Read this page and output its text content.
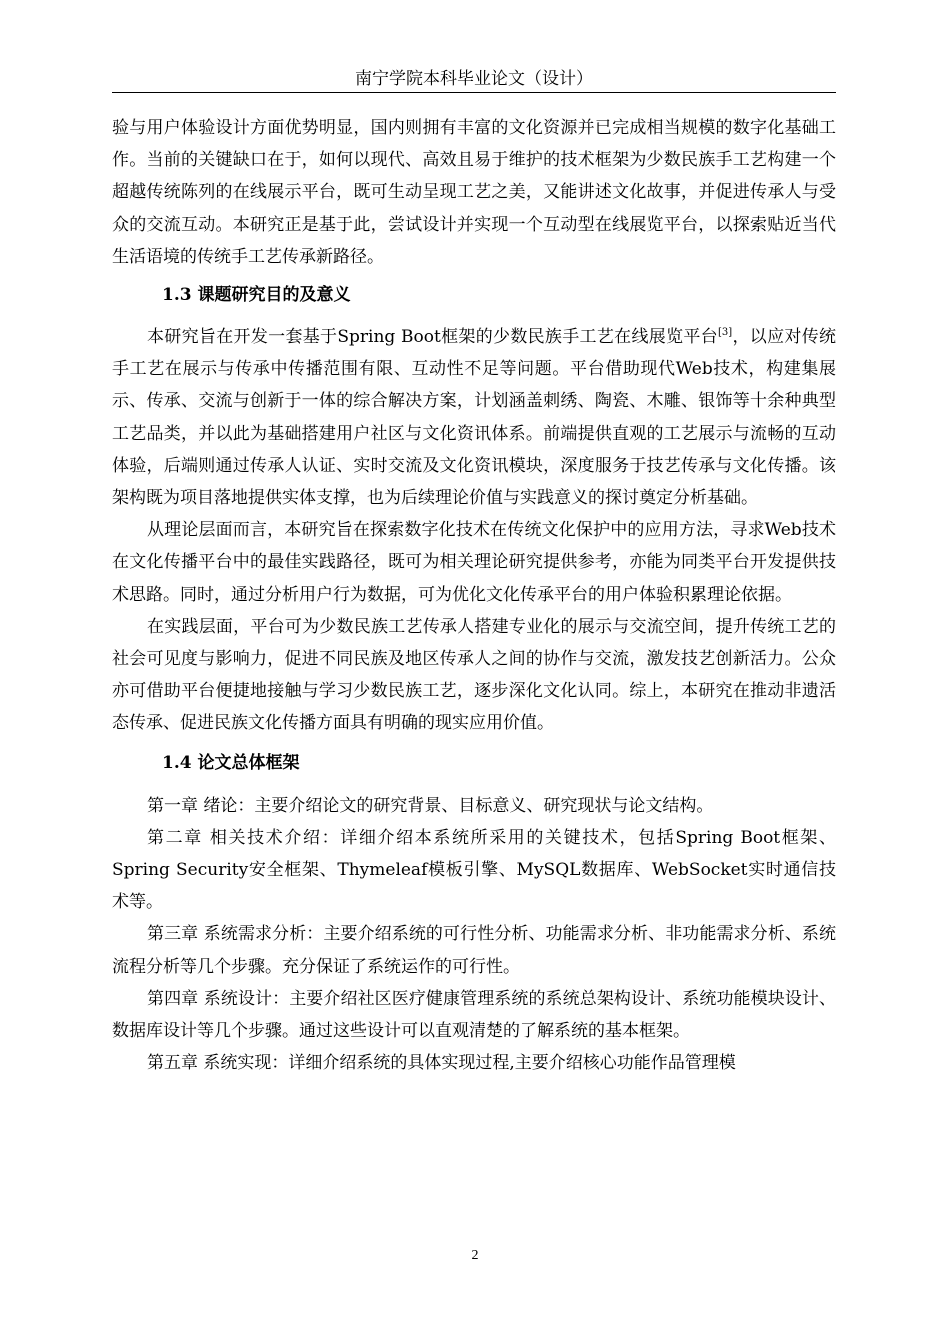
南宁学院本科毕业论文（设计）

验与用户体验设计方面优势明显，国内则拥有丰富的文化资源并已完成相当规模的数字化基础工作。当前的关键缺口在于，如何以现代、高效且易于维护的技术框架为少数民族手工艺构建一个超越传统陈列的在线展示平台，既可生动呈现工艺之美，又能讲述文化故事，并促进传承人与受众的交流互动。本研究正是基于此，尝试设计并实现一个互动型在线展览平台，以探索贴近当代生活语境的传统手工艺传承新路径。

1.3 课题研究目的及意义

本研究旨在开发一套基于Spring Boot框架的少数民族手工艺在线展览平台[3]，以应对传统手工艺在展示与传承中传播范围有限、互动性不足等问题。平台借助现代Web技术，构建集展示、传承、交流与创新于一体的综合解决方案，计划涵盖刺绣、陶瓷、木雕、银饰等十余种典型工艺品类，并以此为基础搭建用户社区与文化资讯体系。前端提供直观的工艺展示与流畅的互动体验，后端则通过传承人认证、实时交流及文化资讯模块，深度服务于技艺传承与文化传播。该架构既为项目落地提供实体支撑，也为后续理论价值与实践意义的探讨奠定分析基础。

从理论层面而言，本研究旨在探索数字化技术在传统文化保护中的应用方法，寻求Web技术在文化传播平台中的最佳实践路径，既可为相关理论研究提供参考，亦能为同类平台开发提供技术思路。同时，通过分析用户行为数据，可为优化文化传承平台的用户体验积累理论依据。

在实践层面，平台可为少数民族工艺传承人搭建专业化的展示与交流空间，提升传统工艺的社会可见度与影响力，促进不同民族及地区传承人之间的协作与交流，激发技艺创新活力。公众亦可借助平台便捷地接触与学习少数民族工艺，逐步深化文化认同。综上，本研究在推动非遗活态传承、促进民族文化传播方面具有明确的现实应用价值。

1.4 论文总体框架

第一章 绪论：主要介绍论文的研究背景、目标意义、研究现状与论文结构。

第二章 相关技术介绍：详细介绍本系统所采用的关键技术，包括Spring Boot框架、Spring Security安全框架、Thymeleaf模板引擎、MySQL数据库、WebSocket实时通信技术等。

第三章 系统需求分析：主要介绍系统的可行性分析、功能需求分析、非功能需求分析、系统流程分析等几个步骤。充分保证了系统运作的可行性。

第四章 系统设计：主要介绍社区医疗健康管理系统的系统总架构设计、系统功能模块设计、数据库设计等几个步骤。通过这些设计可以直观清楚的了解系统的基本框架。

第五章 系统实现：详细介绍系统的具体实现过程,主要介绍核心功能作品管理模

2
